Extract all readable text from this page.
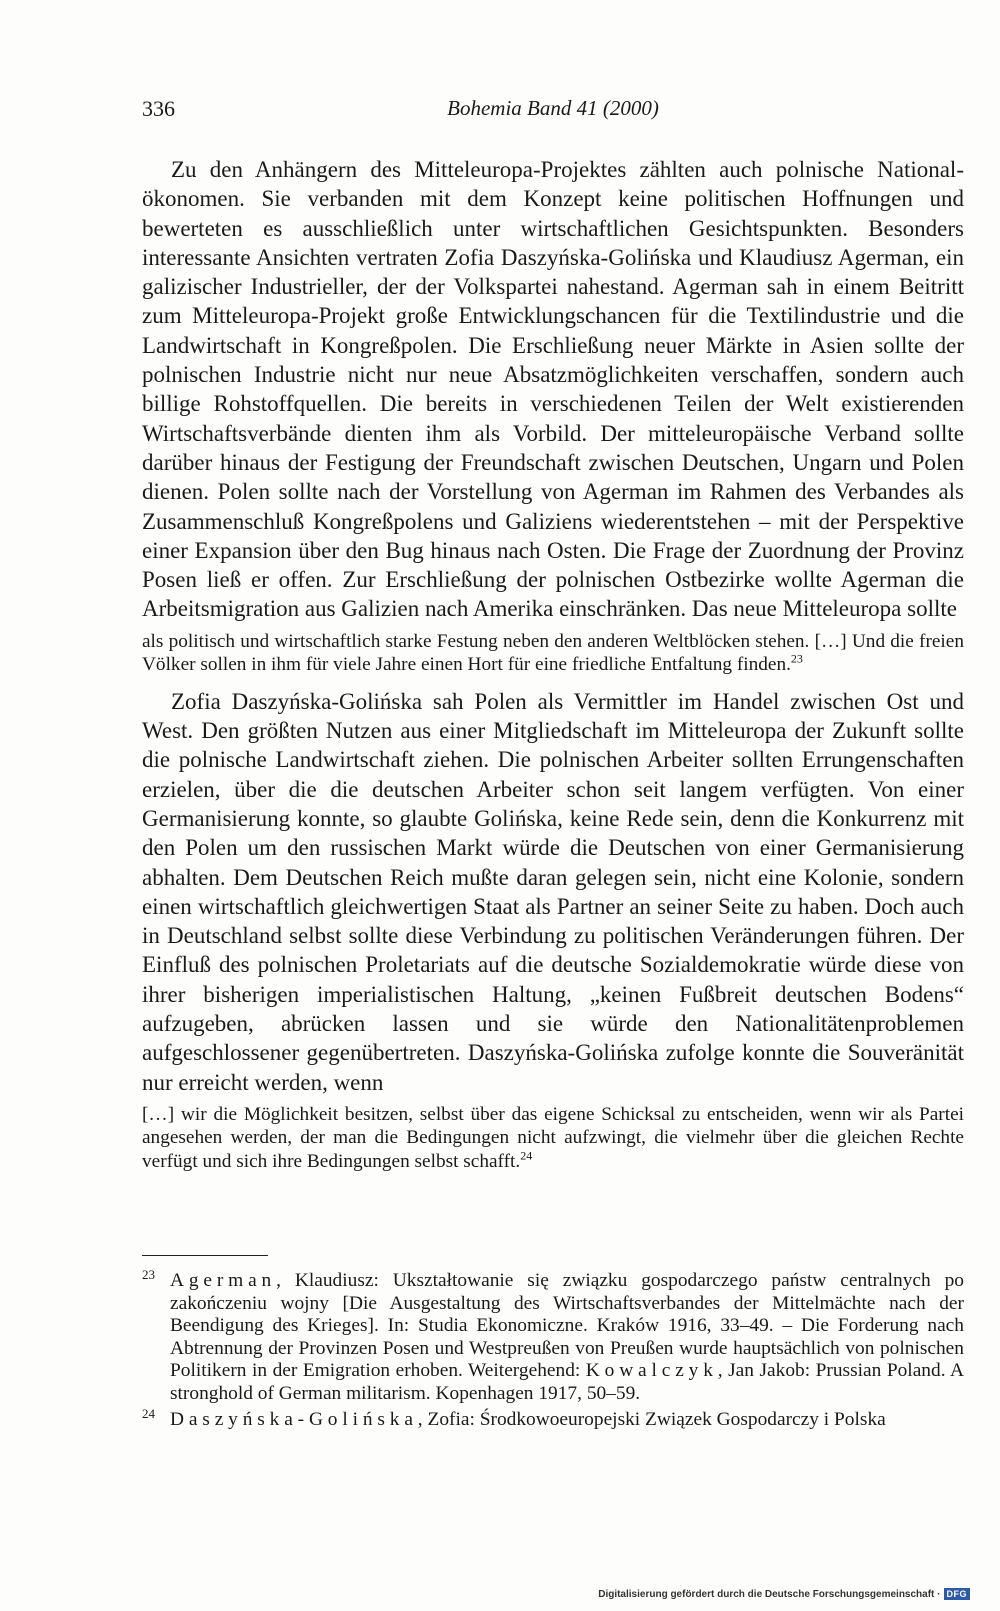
336	Bohemia Band 41 (2000)

Zu den Anhängern des Mitteleuropa-Projektes zählten auch polnische Nationalökonomen. Sie verbanden mit dem Konzept keine politischen Hoffnungen und bewerteten es ausschließlich unter wirtschaftlichen Gesichtspunkten. Besonders interessante Ansichten vertraten Zofia Daszyńska-Golińska und Klaudiusz Agerman, ein galizischer Industrieller, der der Volkspartei nahestand. Agerman sah in einem Beitritt zum Mitteleuropa-Projekt große Entwicklungschancen für die Textilindustrie und die Landwirtschaft in Kongreßpolen. Die Erschließung neuer Märkte in Asien sollte der polnischen Industrie nicht nur neue Absatzmöglichkeiten verschaffen, sondern auch billige Rohstoffquellen. Die bereits in verschiedenen Teilen der Welt existierenden Wirtschaftsverbände dienten ihm als Vorbild. Der mitteleuropäische Verband sollte darüber hinaus der Festigung der Freundschaft zwischen Deutschen, Ungarn und Polen dienen. Polen sollte nach der Vorstellung von Agerman im Rahmen des Verbandes als Zusammenschluß Kongreßpolens und Galiziens wiederentstehen – mit der Perspektive einer Expansion über den Bug hinaus nach Osten. Die Frage der Zuordnung der Provinz Posen ließ er offen. Zur Erschließung der polnischen Ostbezirke wollte Agerman die Arbeitsmigration aus Galizien nach Amerika einschränken. Das neue Mitteleuropa sollte

als politisch und wirtschaftlich starke Festung neben den anderen Weltblöcken stehen. […] Und die freien Völker sollen in ihm für viele Jahre einen Hort für eine friedliche Entfaltung finden.$^{23}$

Zofia Daszyńska-Golińska sah Polen als Vermittler im Handel zwischen Ost und West. Den größten Nutzen aus einer Mitgliedschaft im Mitteleuropa der Zukunft sollte die polnische Landwirtschaft ziehen. Die polnischen Arbeiter sollten Errungenschaften erzielen, über die die deutschen Arbeiter schon seit langem verfügten. Von einer Germanisierung konnte, so glaubte Golińska, keine Rede sein, denn die Konkurrenz mit den Polen um den russischen Markt würde die Deutschen von einer Germanisierung abhalten. Dem Deutschen Reich mußte daran gelegen sein, nicht eine Kolonie, sondern einen wirtschaftlich gleichwertigen Staat als Partner an seiner Seite zu haben. Doch auch in Deutschland selbst sollte diese Verbindung zu politischen Veränderungen führen. Der Einfluß des polnischen Proletariats auf die deutsche Sozialdemokratie würde diese von ihrer bisherigen imperialistischen Haltung, „keinen Fußbreit deutschen Bodens“ aufzugeben, abrücken lassen und sie würde den Nationalitätenproblemen aufgeschlossener gegenübertreten. Daszyńska-Golińska zufolge konnte die Souveränität nur erreicht werden, wenn

[…] wir die Möglichkeit besitzen, selbst über das eigene Schicksal zu entscheiden, wenn wir als Partei angesehen werden, der man die Bedingungen nicht aufzwingt, die vielmehr über die gleichen Rechte verfügt und sich ihre Bedingungen selbst schafft.$^{24}$

23 Agerman, Klaudiusz: Ukształtowanie się związku gospodarczego państw centralnych po zakończeniu wojny [Die Ausgestaltung des Wirtschaftsverbandes der Mittelmächte nach der Beendigung des Krieges]. In: Studia Ekonomiczne. Kraków 1916, 33–49. – Die Forderung nach Abtrennung der Provinzen Posen und Westpreußen von Preußen wurde hauptsächlich von polnischen Politikern in der Emigration erhoben. Weitergehend: Kowalczyk, Jan Jakob: Prussian Poland. A stronghold of German militarism. Kopenhagen 1917, 50–59.
24 Daszyńska-Golińska, Zofia: Środkowoeuropejski Związek Gospodarczy i Polska
Digitalisierung gefördert durch die Deutsche Forschungsgemeinschaft · DFG
